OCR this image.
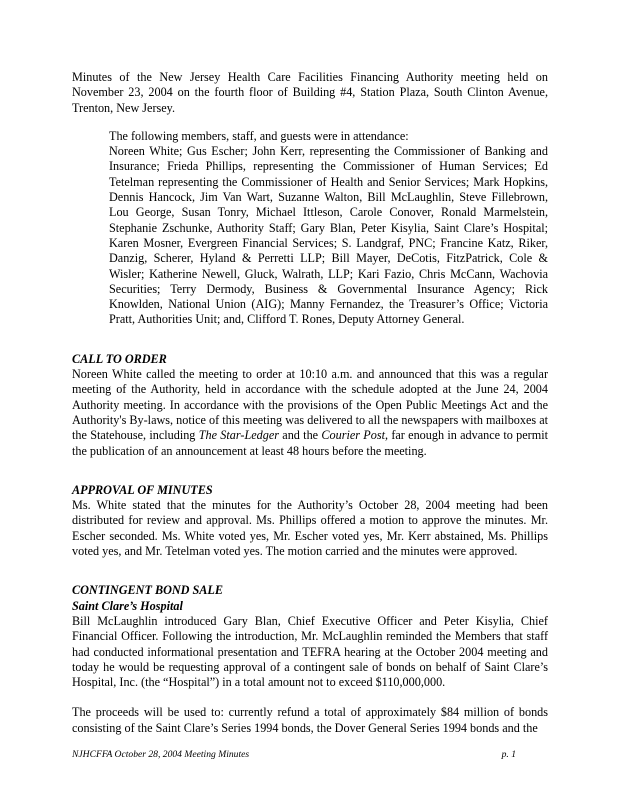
Minutes of the New Jersey Health Care Facilities Financing Authority meeting held on November 23, 2004 on the fourth floor of Building #4, Station Plaza, South Clinton Avenue, Trenton, New Jersey.

The following members, staff, and guests were in attendance:
Noreen White; Gus Escher; John Kerr, representing the Commissioner of Banking and Insurance; Frieda Phillips, representing the Commissioner of Human Services; Ed Tetelman representing the Commissioner of Health and Senior Services; Mark Hopkins, Dennis Hancock, Jim Van Wart, Suzanne Walton, Bill McLaughlin, Steve Fillebrown, Lou George, Susan Tonry, Michael Ittleson, Carole Conover, Ronald Marmelstein, Stephanie Zschunke, Authority Staff; Gary Blan, Peter Kisylia, Saint Clare’s Hospital; Karen Mosner, Evergreen Financial Services; S. Landgraf, PNC; Francine Katz, Riker, Danzig, Scherer, Hyland & Perretti LLP; Bill Mayer, DeCotis, FitzPatrick, Cole & Wisler; Katherine Newell, Gluck, Walrath, LLP; Kari Fazio, Chris McCann, Wachovia Securities; Terry Dermody, Business & Governmental Insurance Agency; Rick Knowlden, National Union (AIG); Manny Fernandez, the Treasurer’s Office; Victoria Pratt, Authorities Unit; and, Clifford T. Rones, Deputy Attorney General.

CALL TO ORDER

Noreen White called the meeting to order at 10:10 a.m. and announced that this was a regular meeting of the Authority, held in accordance with the schedule adopted at the June 24, 2004 Authority meeting. In accordance with the provisions of the Open Public Meetings Act and the Authority's By-laws, notice of this meeting was delivered to all the newspapers with mailboxes at the Statehouse, including The Star-Ledger and the Courier Post, far enough in advance to permit the publication of an announcement at least 48 hours before the meeting.

APPROVAL OF MINUTES

Ms. White stated that the minutes for the Authority’s October 28, 2004 meeting had been distributed for review and approval. Ms. Phillips offered a motion to approve the minutes. Mr. Escher seconded. Ms. White voted yes, Mr. Escher voted yes, Mr. Kerr abstained, Ms. Phillips voted yes, and Mr. Tetelman voted yes. The motion carried and the minutes were approved.

CONTINGENT BOND SALE
Saint Clare’s Hospital

Bill McLaughlin introduced Gary Blan, Chief Executive Officer and Peter Kisylia, Chief Financial Officer. Following the introduction, Mr. McLaughlin reminded the Members that staff had conducted informational presentation and TEFRA hearing at the October 2004 meeting and today he would be requesting approval of a contingent sale of bonds on behalf of Saint Clare’s Hospital, Inc. (the “Hospital”) in a total amount not to exceed $110,000,000.

The proceeds will be used to: currently refund a total of approximately $84 million of bonds consisting of the Saint Clare’s Series 1994 bonds, the Dover General Series 1994 bonds and the

NJHCFFA October 28, 2004 Meeting Minutes	p. 1
